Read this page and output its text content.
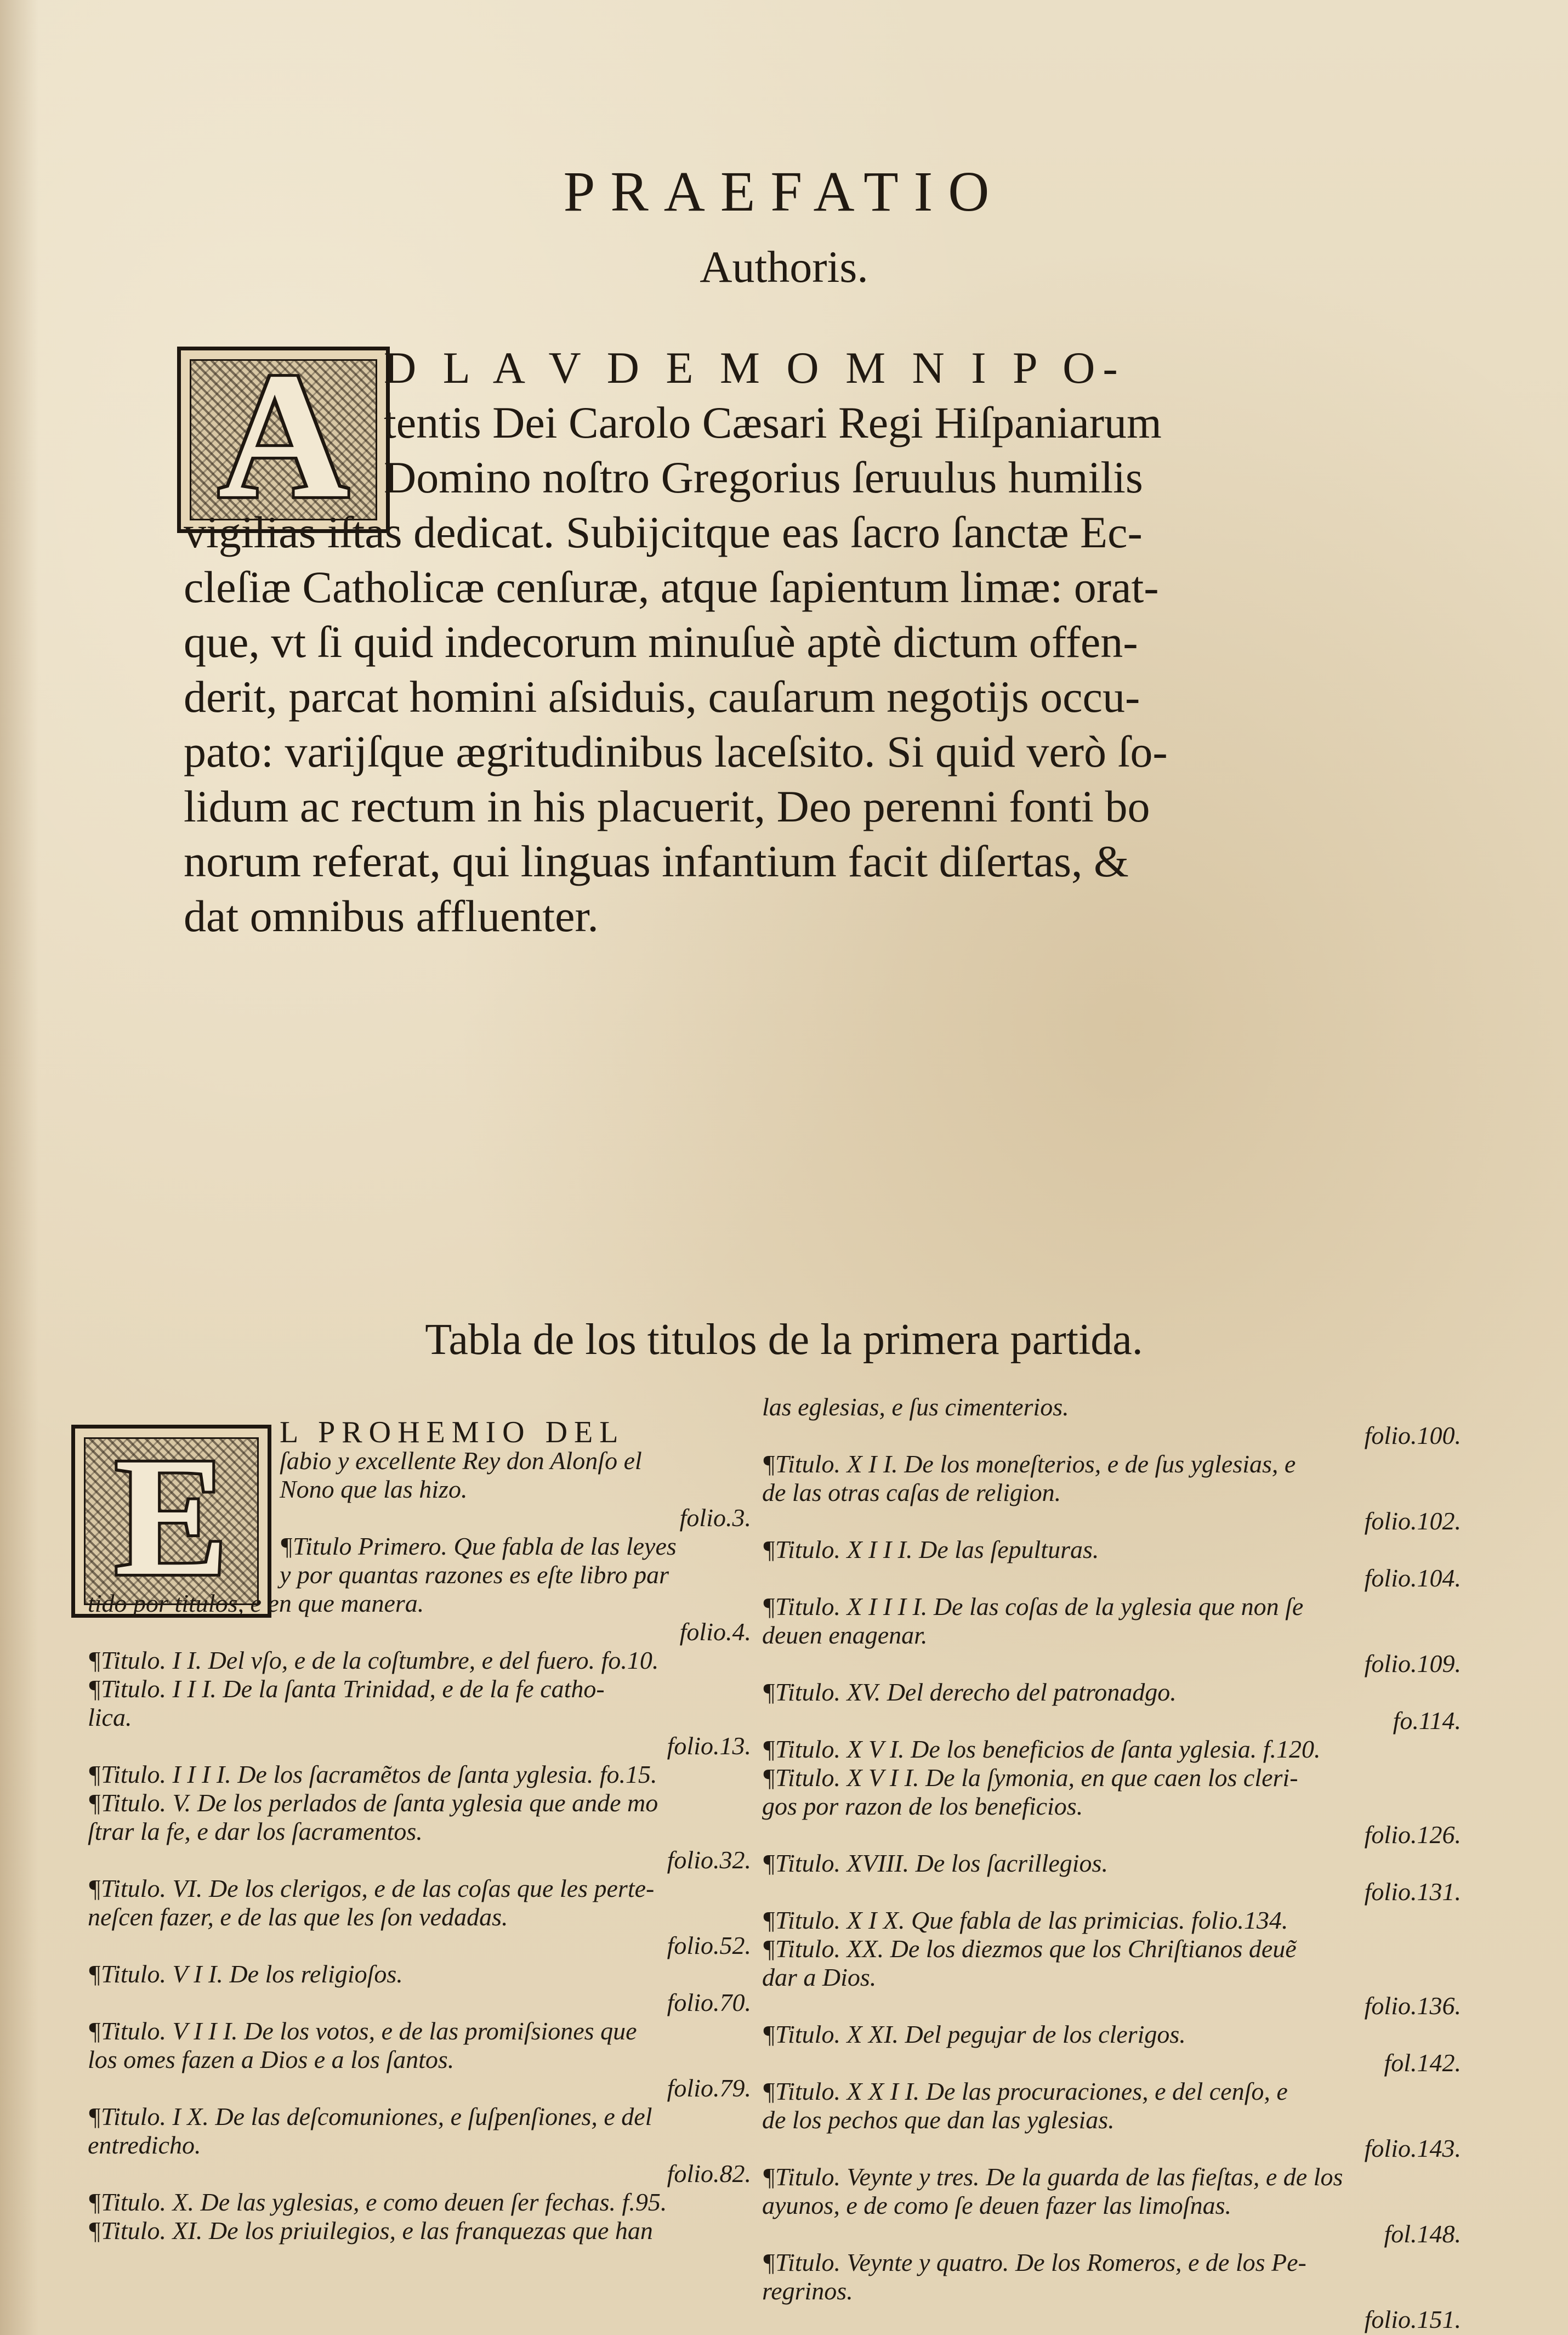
PRAEFATIO
Authoris.
A D L A V D E M O M N I P O-
tentis Dei Carolo Cæsari Regi Hiſpaniarum
Domino noſtro Gregorius ſeruulus humilis
vigilias iſtas dedicat. Subijcitque eas ſacro ſanctæ Ec-
cleſiæ Catholicæ cenſuræ, atque ſapientum limæ: orat-
que, vt ſi quid indecorum minuſuè aptè dictum offen-
derit, parcat homini aſsiduis, cauſarum negotijs occu-
pato: varijſque ægritudinibus laceſsito. Si quid verò ſo-
lidum ac rectum in his placuerit, Deo perenni fonti bo
norum referat, qui linguas infantium facit diſertas, &
dat omnibus affluenter.
Tabla de los titulos de la primera partida.
E	L PROHEMIO DEL
ſabio y excellente Rey don Alonſo el
Nono que las hizo.
folio.3.
¶Titulo Primero. Que fabla de las leyes
y por quantas razones es eſte libro par
tido por titulos, e en que manera.
folio.4.
¶Titulo. I I. Del vſo, e de la coſtumbre, e del fuero. fo.10.
¶Titulo. I I I. De la ſanta Trinidad, e de la fe catho-
lica.
folio.13.
¶Titulo. I I I I. De los ſacramẽtos de ſanta yglesia. fo.15.
¶Titulo. V. De los perlados de ſanta yglesia que ande mo
ſtrar la fe, e dar los ſacramentos.
folio.32.
¶Titulo. VI. De los clerigos, e de las coſas que les perte-
neſcen fazer, e de las que les ſon vedadas.
folio.52.
¶Titulo. V I I. De los religioſos.
folio.70.
¶Titulo. V I I I. De los votos, e de las promiſsiones que
los omes fazen a Dios e a los ſantos.
folio.79.
¶Titulo. I X. De las deſcomuniones, e ſuſpenſiones, e del
entredicho.
folio.82.
¶Titulo. X. De las yglesias, e como deuen ſer fechas. f.95.
¶Titulo. XI. De los priuilegios, e las franquezas que han
las eglesias, e ſus cimenterios.
folio.100.
¶Titulo. X I I. De los moneſterios, e de ſus yglesias, e
de las otras caſas de religion.
folio.102.
¶Titulo. X I I I. De las ſepulturas.
folio.104.
¶Titulo. X I I I I. De las coſas de la yglesia que non ſe
deuen enagenar.
folio.109.
¶Titulo. XV. Del derecho del patronadgo.
fo.114.
¶Titulo. X V I. De los beneficios de ſanta yglesia. f.120.
¶Titulo. X V I I. De la ſymonia, en que caen los cleri-
gos por razon de los beneficios.
folio.126.
¶Titulo. XVIII. De los ſacrillegios.
folio.131.
¶Titulo. X I X. Que fabla de las primicias. folio.134.
¶Titulo. XX. De los diezmos que los Chriſtianos deuẽ
dar a Dios.
folio.136.
¶Titulo. X XI. Del pegujar de los clerigos.
fol.142.
¶Titulo. X X I I. De las procuraciones, e del cenſo, e
de los pechos que dan las yglesias.
folio.143.
¶Titulo. Veynte y tres. De la guarda de las fieſtas, e de los
ayunos, e de como ſe deuen fazer las limoſnas.
fol.148.
¶Titulo. Veynte y quatro. De los Romeros, e de los Pe-
regrinos.
folio.151.
